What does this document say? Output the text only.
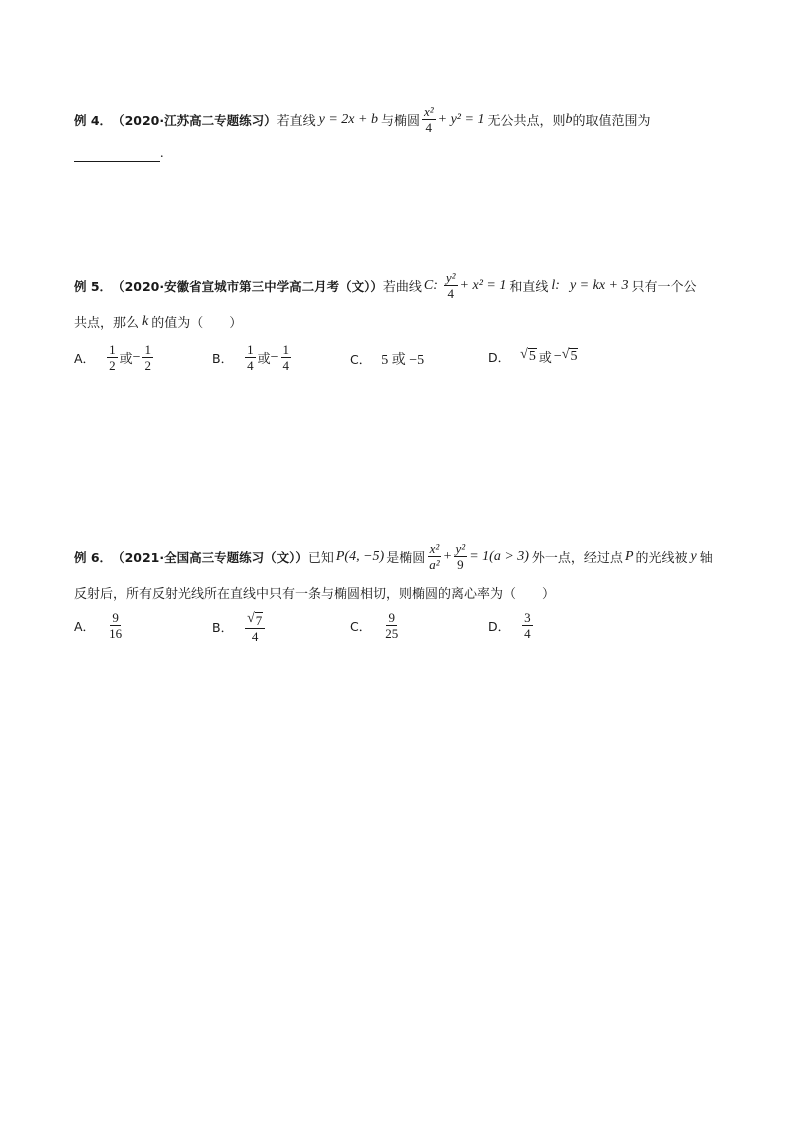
例 4． （2020·江苏高二专题练习） 若直线 y = 2x + b 与椭圆 $\frac{\text{x²}}{4} + y^2 = 1$ 无公共点，则 b 的取值范围为
.
例 5． （2020·安徽省宣城市第三中学高二月考（文）） 若曲线 C: $\frac{\text{y²}}{4} + x^2 = 1$ 和直线 l: y = kx + 3 只有一个公
共点，那么 k 的值为（　　）
A． $\frac{1}{2}$ 或 − $\frac{1}{2}$	B． $\frac{1}{4}$ 或 − $\frac{1}{4}$	C． 5 或 −5	D． √ 5 或 − √ 5
例 6． （2021·全国高三专题练习（文）） 已知 P(4, −5) 是椭圆 $\frac{\text{x²}}{\text{a²}} + \frac{\text{y²}}{9} = 1(a > 3)$ 外一点，经过点 P 的光线被 y 轴
反射后，所有反射光线所在直线中只有一条与椭圆相切，则椭圆的离心率为（　　）
A． $\frac{9}{16}$	B． $\frac{√ 7}{4}$	C． $\frac{9}{25}$	D． $\frac{3}{4}$
